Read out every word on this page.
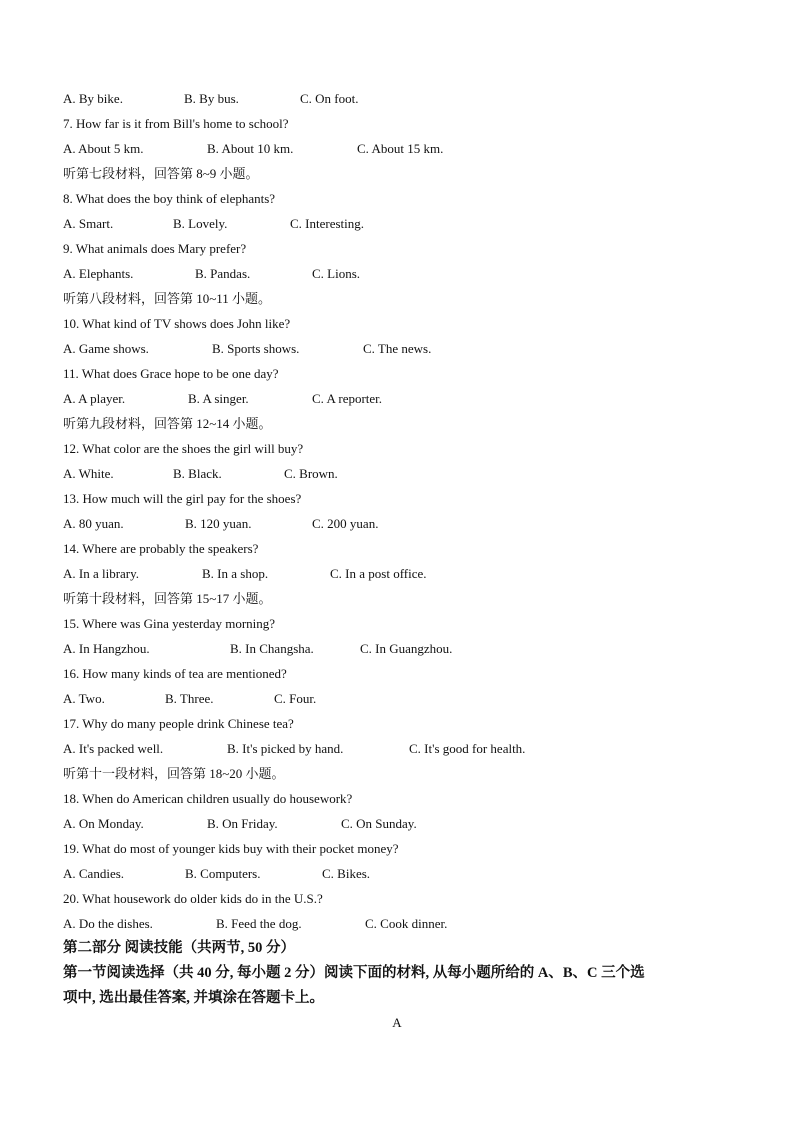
A. By bike.	B. By bus.	C. On foot.
7. How far is it from Bill's home to school?
A. About 5 km.	B. About 10 km.	C. About 15 km.
听第七段材料，回答第 8~9 小题。
8. What does the boy think of elephants?
A. Smart.	B. Lovely.	C. Interesting.
9. What animals does Mary prefer?
A. Elephants.	B. Pandas.	C. Lions.
听第八段材料，回答第 10~11 小题。
10. What kind of TV shows does John like?
A. Game shows.	B. Sports shows.	C. The news.
11. What does Grace hope to be one day?
A. A player.	B. A singer.	C. A reporter.
听第九段材料，回答第 12~14 小题。
12. What color are the shoes the girl will buy?
A. White.	B. Black.	C. Brown.
13. How much will the girl pay for the shoes?
A. 80 yuan.	B. 120 yuan.	C. 200 yuan.
14. Where are probably the speakers?
A. In a library.	B. In a shop.	C. In a post office.
听第十段材料，回答第 15~17 小题。
15. Where was Gina yesterday morning?
A. In Hangzhou.	B. In Changsha.	C. In Guangzhou.
16. How many kinds of tea are mentioned?
A. Two.	B. Three.	C. Four.
17. Why do many people drink Chinese tea?
A. It's packed well.	B. It's picked by hand.	C. It's good for health.
听第十一段材料，回答第 18~20 小题。
18. When do American children usually do housework?
A. On Monday.	B. On Friday.	C. On Sunday.
19. What do most of younger kids buy with their pocket money?
A. Candies.	B. Computers.	C. Bikes.
20. What housework do older kids do in the U.S.?
A. Do the dishes.	B. Feed the dog.	C. Cook dinner.
第二部分 阅读技能（共两节, 50 分）
第一节阅读选择（共 40 分, 每小题 2 分）阅读下面的材料, 从每小题所给的 A、B、C 三个选
项中, 选出最佳答案, 并填涂在答题卡上。
A
